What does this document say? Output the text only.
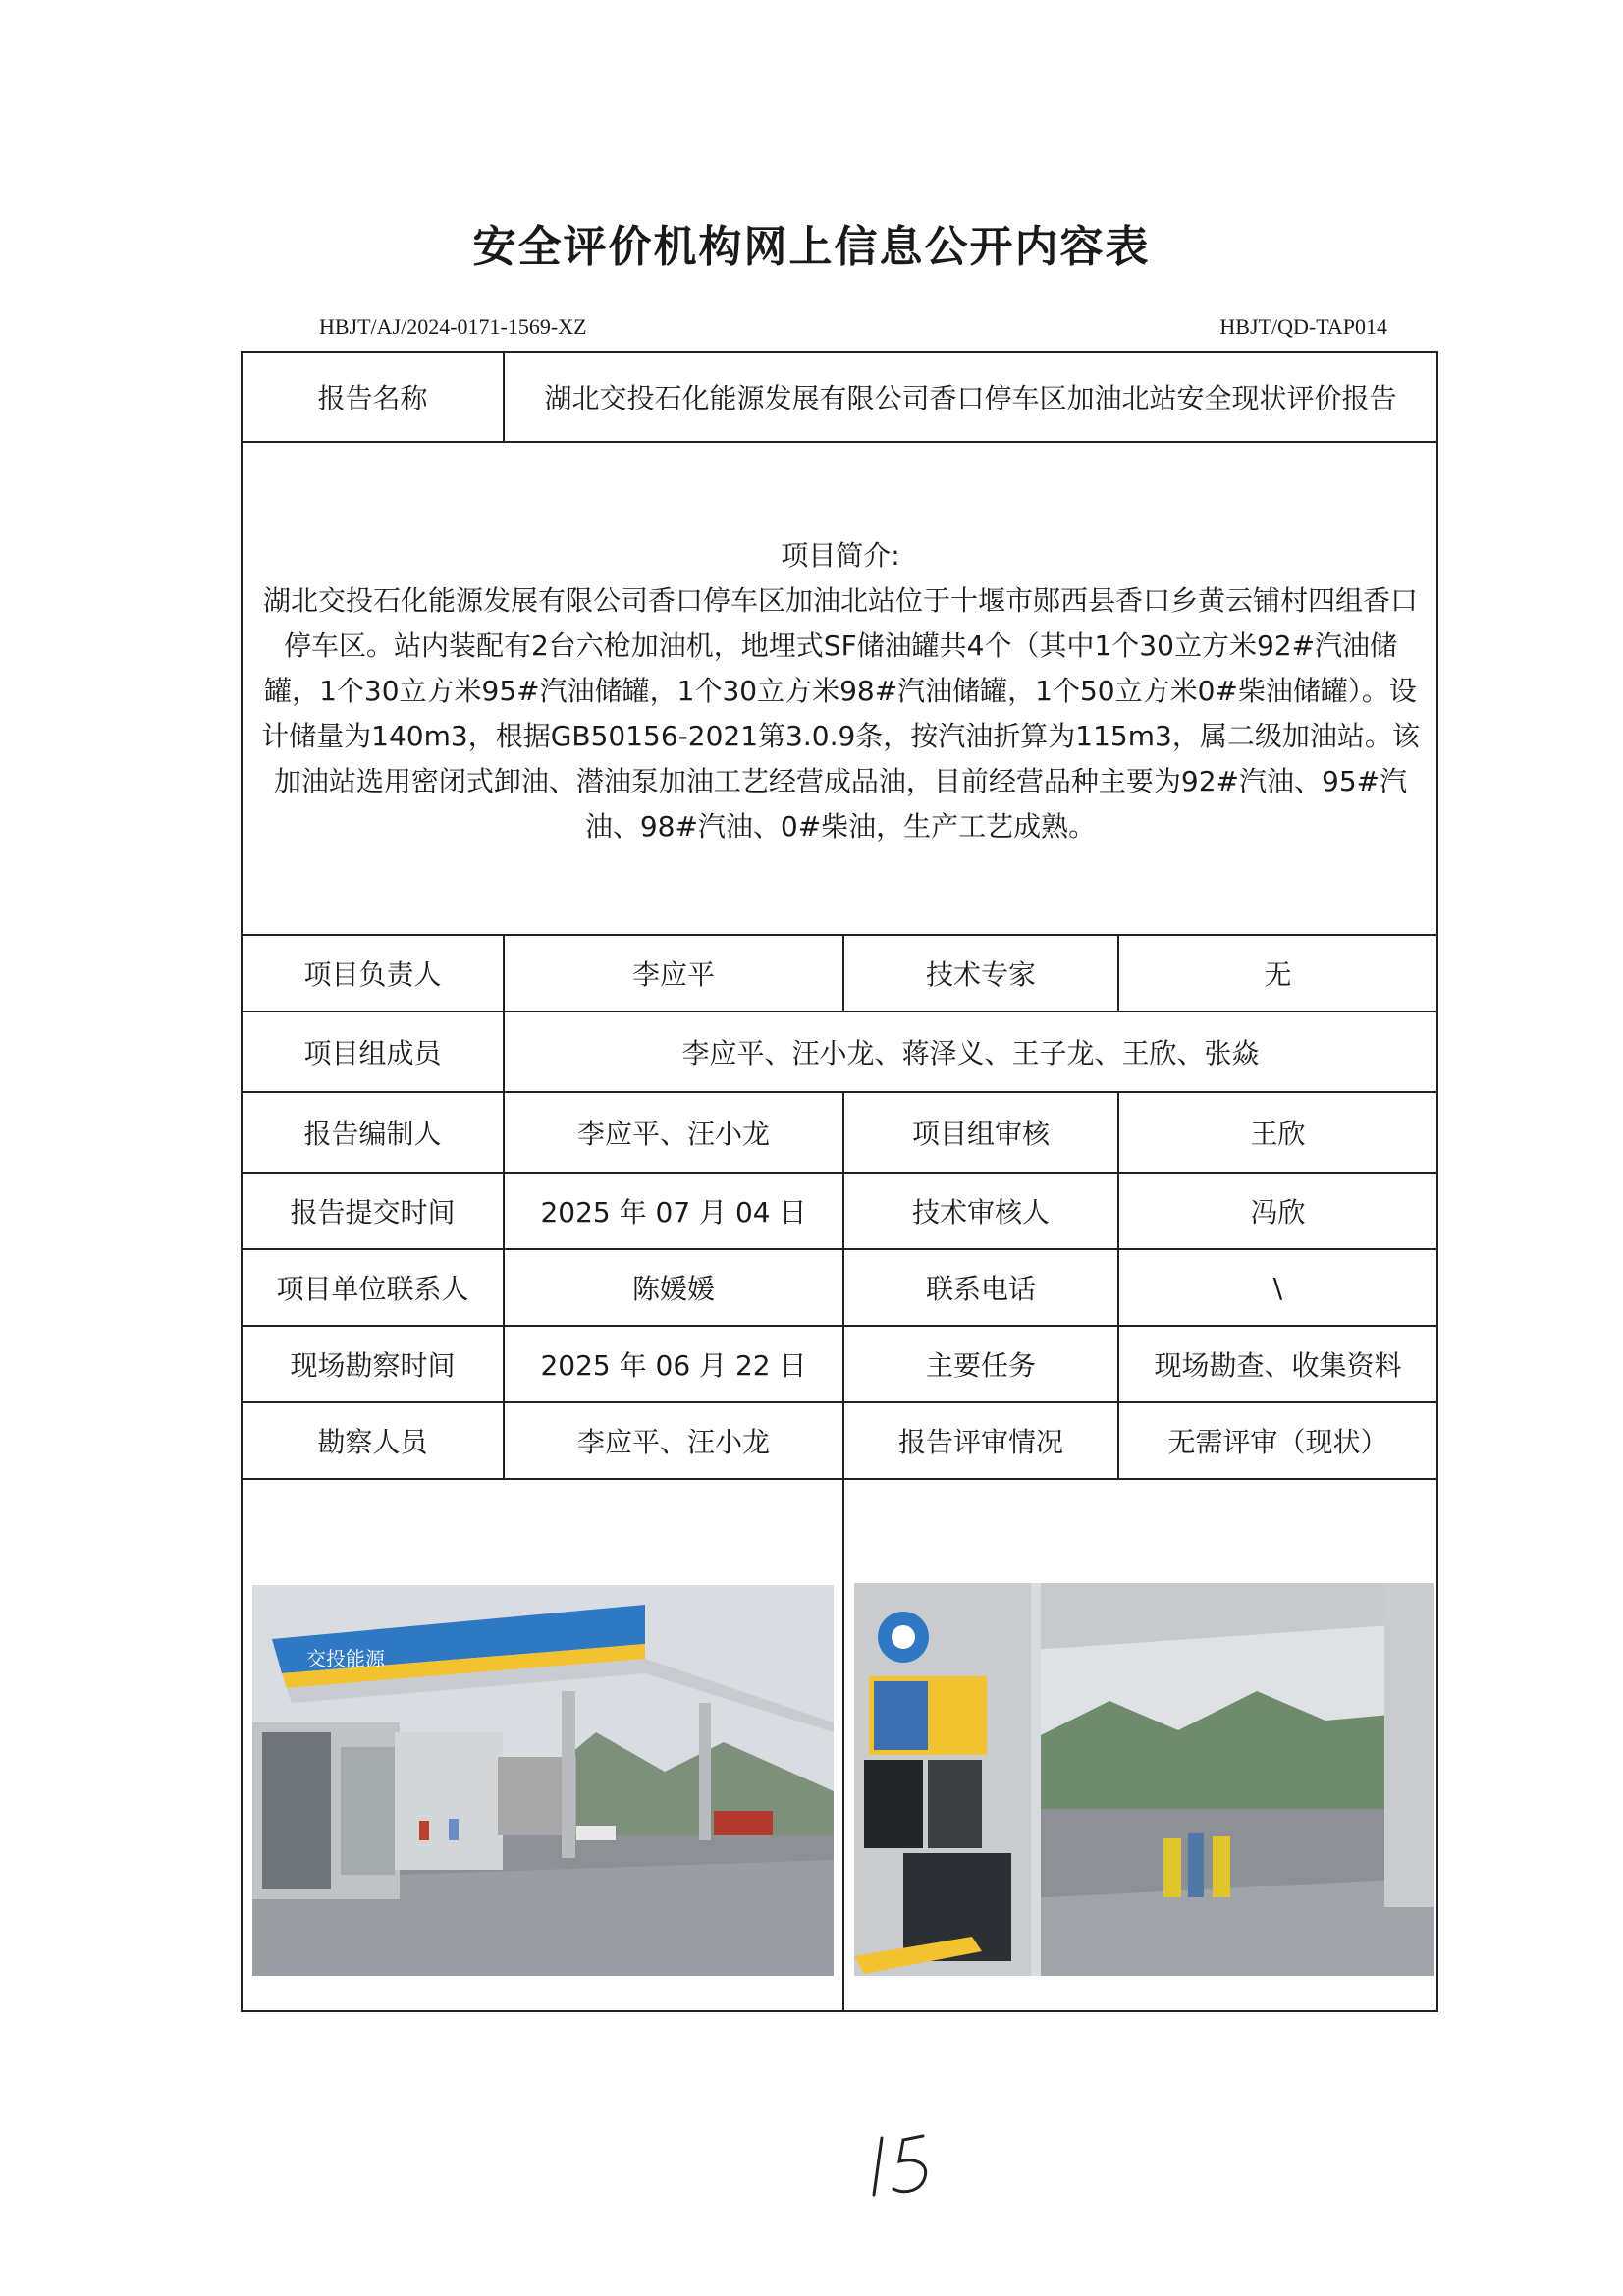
安全评价机构网上信息公开内容表
HBJT/AJ/2024-0171-1569-XZ	HBJT/QD-TAP014
报告名称	湖北交投石化能源发展有限公司香口停车区加油北站安全现状评价报告		

项目简介:
湖北交投石化能源发展有限公司香口停车区加油北站位于十堰市郧西县香口乡黄云铺村四组香口停车区。站内装配有2台六枪加油机，地埋式SF储油罐共4个（其中1个30立方米92#汽油储罐，1个30立方米95#汽油储罐，1个30立方米98#汽油储罐，1个50立方米0#柴油储罐）。设计储量为140m3，根据GB50156-2021第3.0.9条，按汽油折算为115m3，属二级加油站。该加油站选用密闭式卸油、潜油泵加油工艺经营成品油，目前经营品种主要为92#汽油、95#汽油、98#汽油、0#柴油，生产工艺成熟。			

项目负责人	李应平	技术专家	无
项目组成员	李应平、汪小龙、蒋泽义、王子龙、王欣、张焱		
报告编制人	李应平、汪小龙	项目组审核	王欣
报告提交时间	2025 年 07 月 04 日	技术审核人	冯欣
项目单位联系人	陈媛媛	联系电话	\
现场勘察时间	2025 年 06 月 22 日	主要任务	现场勘查、收集资料
勘察人员	李应平、汪小龙	报告评审情况	无需评审（现状）

交投能源
